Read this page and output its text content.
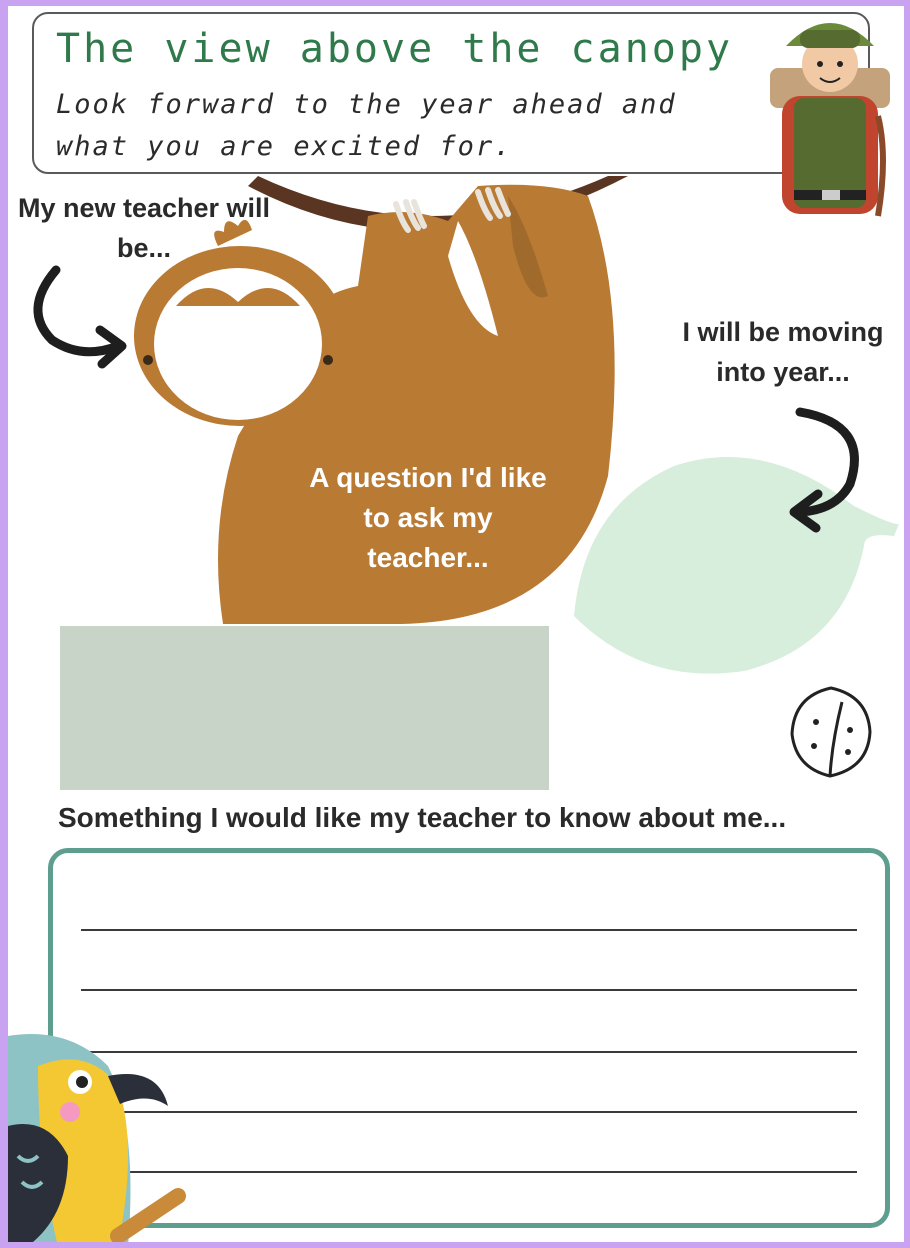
The view above the canopy
Look forward to the year ahead and what you are excited for.
My new teacher will be...
I will be moving into year...
A question I'd like to ask my teacher...
Something I would like my teacher to know about me...
